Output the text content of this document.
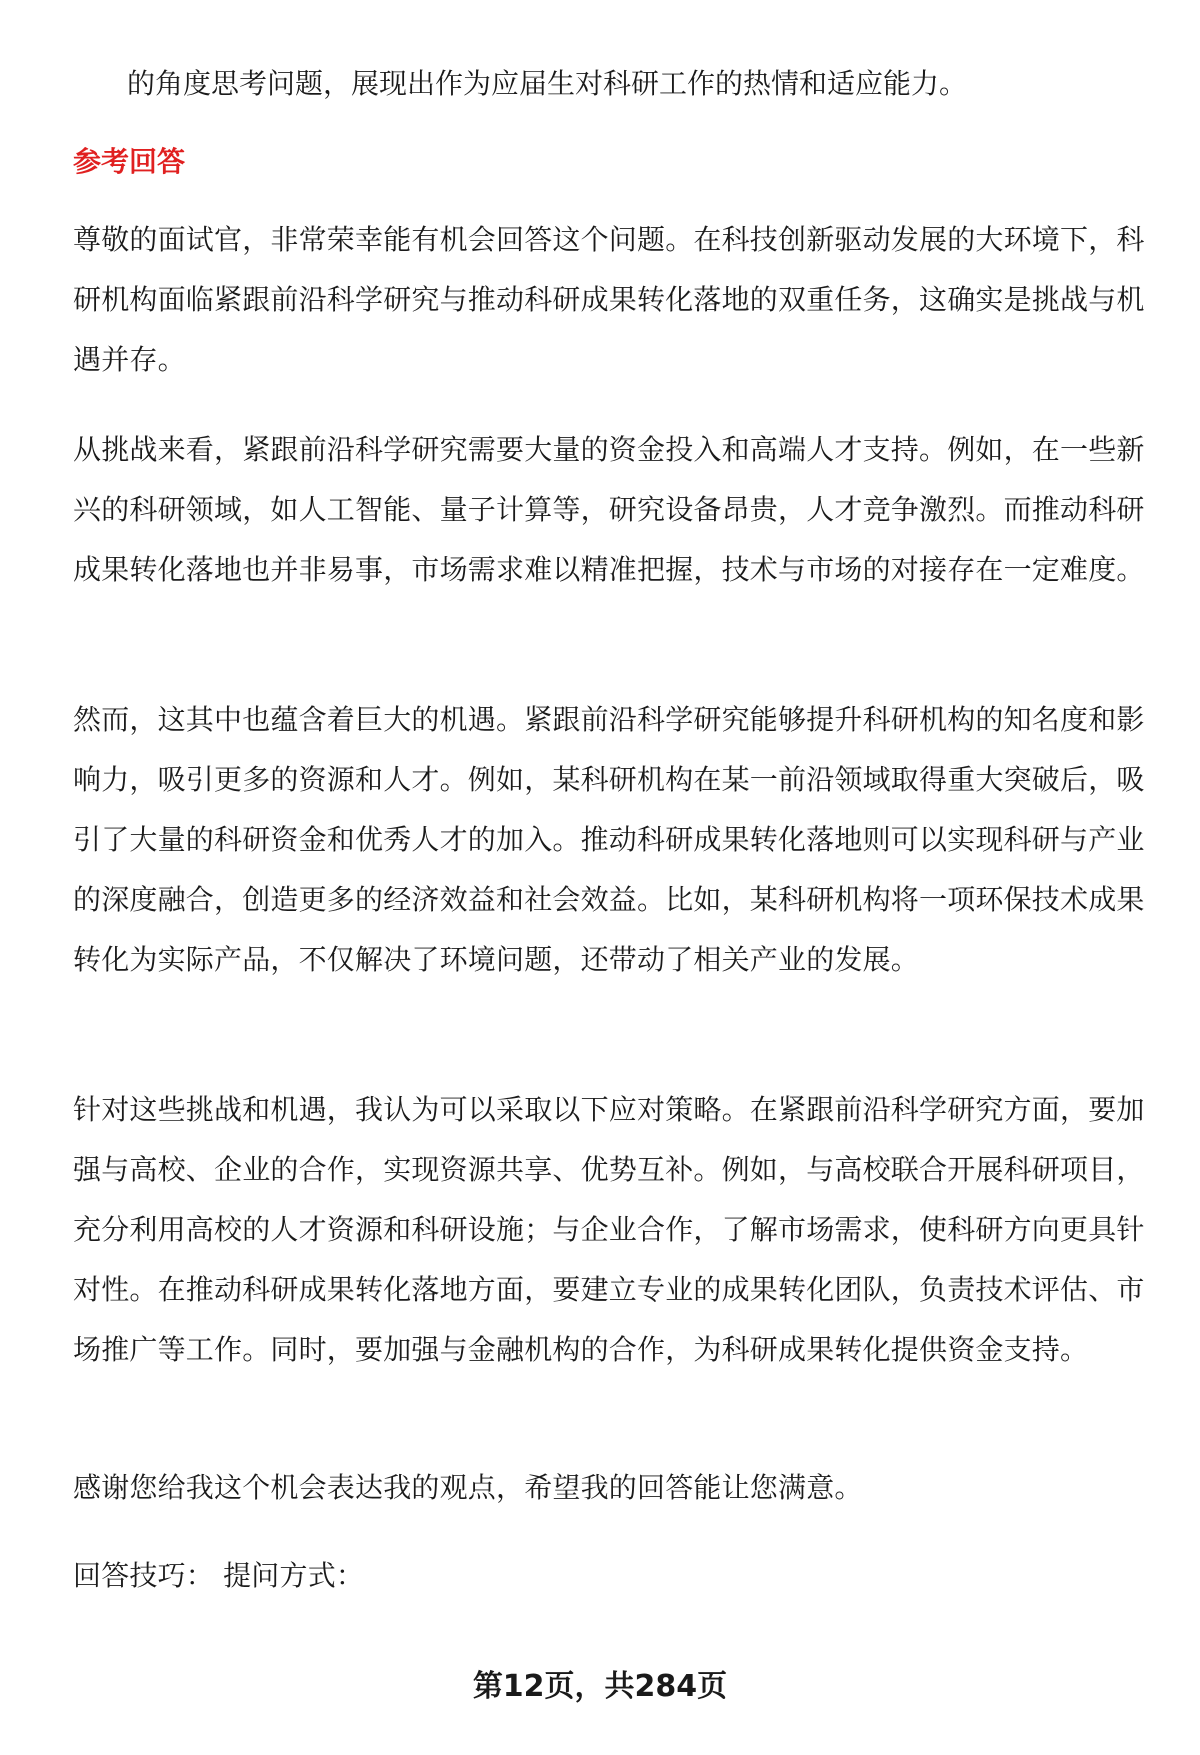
的角度思考问题，展现出作为应届生对科研工作的热情和适应能力。

参考回答

尊敬的面试官，非常荣幸能有机会回答这个问题。在科技创新驱动发展的大环境下，科研机构面临紧跟前沿科学研究与推动科研成果转化落地的双重任务，这确实是挑战与机遇并存。

从挑战来看，紧跟前沿科学研究需要大量的资金投入和高端人才支持。例如，在一些新兴的科研领域，如人工智能、量子计算等，研究设备昂贵，人才竞争激烈。而推动科研成果转化落地也并非易事，市场需求难以精准把握，技术与市场的对接存在一定难度。

然而，这其中也蕴含着巨大的机遇。紧跟前沿科学研究能够提升科研机构的知名度和影响力，吸引更多的资源和人才。例如，某科研机构在某一前沿领域取得重大突破后，吸引了大量的科研资金和优秀人才的加入。推动科研成果转化落地则可以实现科研与产业的深度融合，创造更多的经济效益和社会效益。比如，某科研机构将一项环保技术成果转化为实际产品，不仅解决了环境问题，还带动了相关产业的发展。

针对这些挑战和机遇，我认为可以采取以下应对策略。在紧跟前沿科学研究方面，要加强与高校、企业的合作，实现资源共享、优势互补。例如，与高校联合开展科研项目，充分利用高校的人才资源和科研设施；与企业合作，了解市场需求，使科研方向更具针对性。在推动科研成果转化落地方面，要建立专业的成果转化团队，负责技术评估、市场推广等工作。同时，要加强与金融机构的合作，为科研成果转化提供资金支持。

感谢您给我这个机会表达我的观点，希望我的回答能让您满意。

回答技巧： 提问方式：

第12页，共284页
